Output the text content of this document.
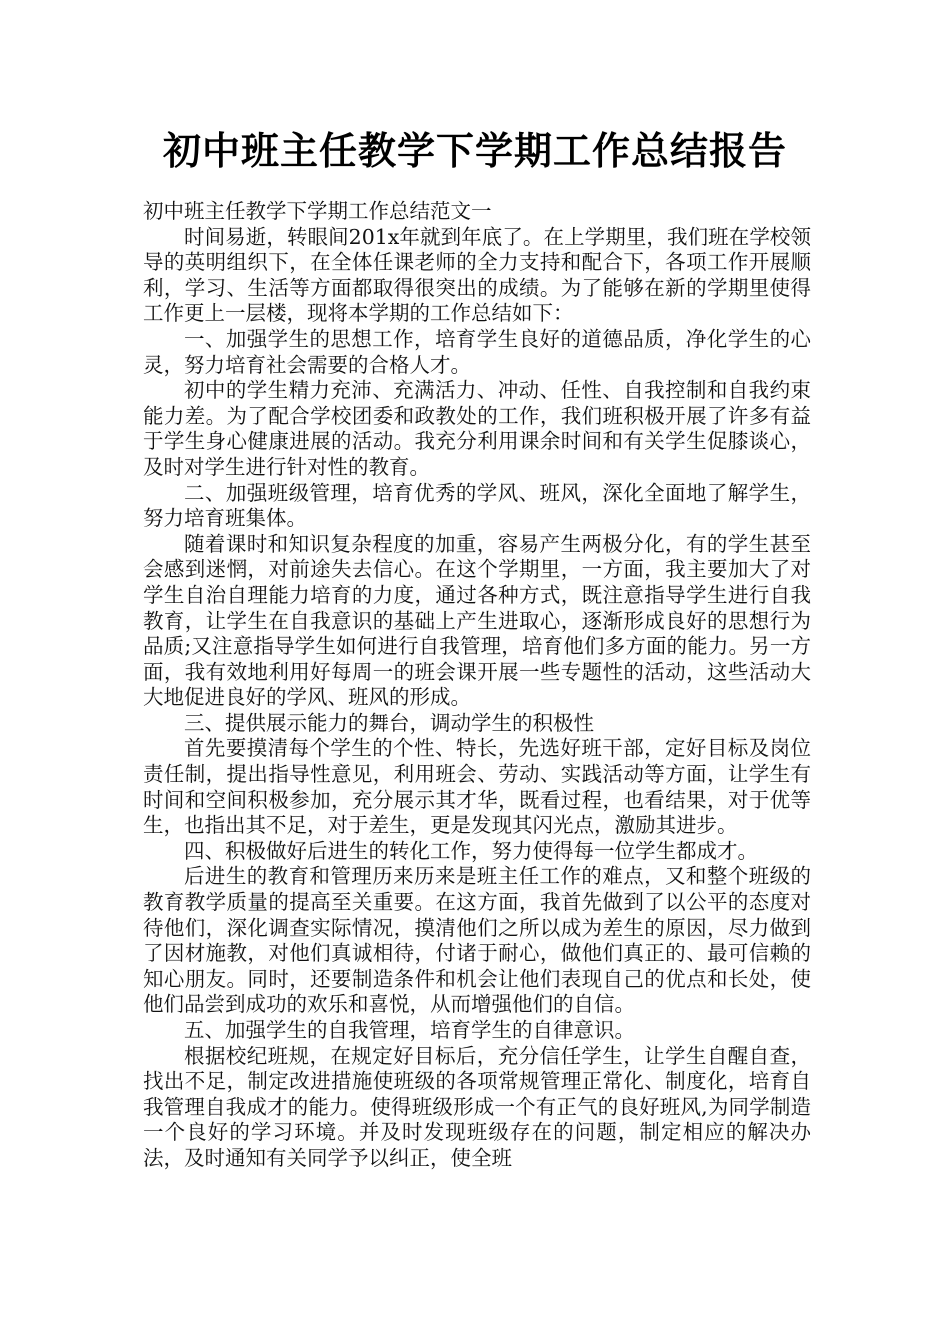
初中班主任教学下学期工作总结报告

初中班主任教学下学期工作总结范文一

时间易逝，转眼间201x年就到年底了。在上学期里，我们班在学校领导的英明组织下，在全体任课老师的全力支持和配合下，各项工作开展顺利，学习、生活等方面都取得很突出的成绩。为了能够在新的学期里使得工作更上一层楼，现将本学期的工作总结如下：

一、加强学生的思想工作，培育学生良好的道德品质，净化学生的心灵，努力培育社会需要的合格人才。

初中的学生精力充沛、充满活力、冲动、任性、自我控制和自我约束能力差。为了配合学校团委和政教处的工作，我们班积极开展了许多有益于学生身心健康进展的活动。我充分利用课余时间和有关学生促膝谈心，及时对学生进行针对性的教育。

二、加强班级管理，培育优秀的学风、班风，深化全面地了解学生，努力培育班集体。

随着课时和知识复杂程度的加重，容易产生两极分化，有的学生甚至会感到迷惘，对前途失去信心。在这个学期里，一方面，我主要加大了对学生自治自理能力培育的力度，通过各种方式，既注意指导学生进行自我教育，让学生在自我意识的基础上产生进取心，逐渐形成良好的思想行为品质;又注意指导学生如何进行自我管理，培育他们多方面的能力。另一方面，我有效地利用好每周一的班会课开展一些专题性的活动，这些活动大大地促进良好的学风、班风的形成。

三、提供展示能力的舞台，调动学生的积极性

首先要摸清每个学生的个性、特长，先选好班干部，定好目标及岗位责任制，提出指导性意见，利用班会、劳动、实践活动等方面，让学生有时间和空间积极参加，充分展示其才华，既看过程，也看结果，对于优等生，也指出其不足，对于差生，更是发现其闪光点，激励其进步。

四、积极做好后进生的转化工作，努力使得每一位学生都成才。

后进生的教育和管理历来历来是班主任工作的难点，又和整个班级的教育教学质量的提高至关重要。在这方面，我首先做到了以公平的态度对待他们，深化调查实际情况，摸清他们之所以成为差生的原因，尽力做到了因材施教，对他们真诚相待，付诸于耐心，做他们真正的、最可信赖的知心朋友。同时，还要制造条件和机会让他们表现自己的优点和长处，使他们品尝到成功的欢乐和喜悦，从而增强他们的自信。

五、加强学生的自我管理，培育学生的自律意识。

根据校纪班规，在规定好目标后，充分信任学生，让学生自醒自查，找出不足，制定改进措施使班级的各项常规管理正常化、制度化，培育自我管理自我成才的能力。使得班级形成一个有正气的良好班风,为同学制造一个良好的学习环境。并及时发现班级存在的问题，制定相应的解决办法，及时通知有关同学予以纠正，使全班
